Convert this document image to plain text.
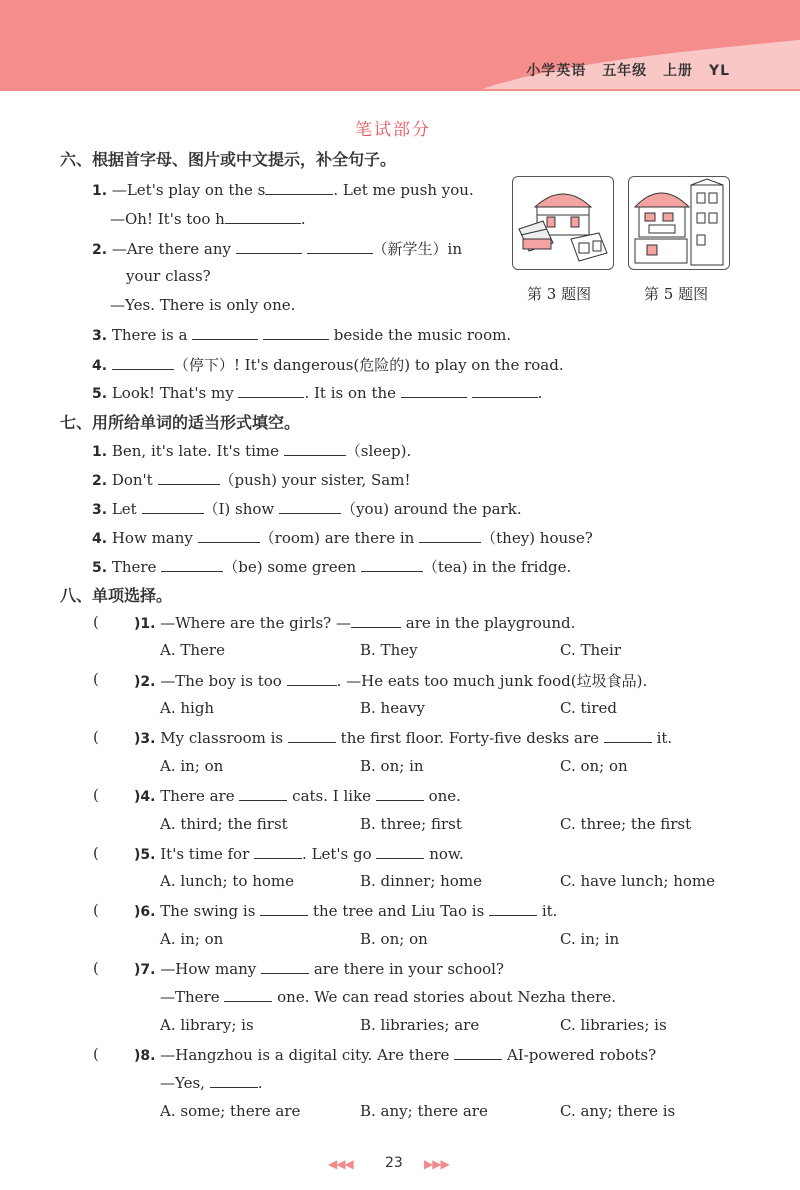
小学英语 五年级 上册 YL
笔试部分
六、根据首字母、图片或中文提示，补全句子。
1. —Let's play on the s	. Let me push you.
—Oh! It's too h	.
2. —Are there any	（新学生）in
your class?
—Yes. There is only one.
3. There is a	beside the music room.
4.	（停下）! It's dangerous(危险的) to play on the road.
5. Look! That's my	. It is on the	.
第 3 题图	第 5 题图
七、用所给单词的适当形式填空。
1. Ben, it's late. It's time	（sleep).
2. Don't	（push) your sister, Sam!
3. Let	（I) show	（you) around the park.
4. How many	（room) are there in	（they) house?
5. There	（be) some green	（tea) in the fridge.
八、单项选择。
(	)1. —Where are the girls? —	are in the playground.
A. There	B. They	C. Their
(	)2. —The boy is too	. —He eats too much junk food(垃圾食品).
A. high	B. heavy	C. tired
(	)3. My classroom is	the first floor. Forty-five desks are	it.
A. in; on	B. on; in	C. on; on
(	)4. There are	cats. I like	one.
A. third; the first	B. three; first	C. three; the first
(	)5. It's time for	. Let's go	now.
A. lunch; to home	B. dinner; home	C. have lunch; home
(	)6. The swing is	the tree and Liu Tao is	it.
A. in; on	B. on; on	C. in; in
(	)7. —How many	are there in your school?
—There	one. We can read stories about Nezha there.
A. library; is	B. libraries; are	C. libraries; is
(	)8. —Hangzhou is a digital city. Are there	AI-powered robots?
—Yes,	.
A. some; there are	B. any; there are	C. any; there is
◀◀◀ 23 ▶▶▶
